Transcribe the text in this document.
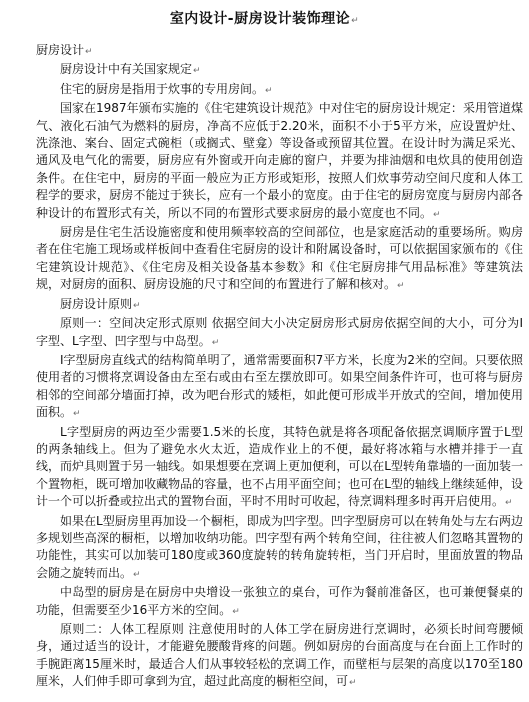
室内设计-厨房设计装饰理论↵

厨房设计↵

厨房设计中有关国家规定↵

住宅的厨房是指用于炊事的专用房间。↵

国家在1987年颁布实施的《住宅建筑设计规范》中对住宅的厨房设计规定：采用管道煤气、液化石油气为燃料的厨房，净高不应低于2.20米，面积不小于5平方米，应设置炉灶、洗涤池、案台、固定式碗柜（或搁式、壁龛）等设备或预留其位置。在设计时为满足采光、通风及电气化的需要，厨房应有外窗或开向走廊的窗户，并要为排油烟和电炊具的使用创造条件。在住宅中，厨房的平面一般应为正方形或矩形，按照人们炊事劳动空间尺度和人体工程学的要求，厨房不能过于狭长，应有一个最小的宽度。由于住宅的厨房宽度与厨房内部各种设计的布置形式有关，所以不同的布置形式要求厨房的最小宽度也不同。↵

厨房是住宅生活设施密度和使用频率较高的空间部位，也是家庭活动的重要场所。购房者在住宅施工现场或样板间中查看住宅厨房的设计和附属设备时，可以依据国家颁布的《住宅建筑设计规范》、《住宅房及相关设备基本参数》和《住宅厨房排气用品标准》等建筑法规，对厨房的面积、厨房设施的尺寸和空间的布置进行了解和核对。↵

厨房设计原则↵

原则一：空间决定形式原则 依据空间大小决定厨房形式厨房依据空间的大小，可分为I字型、L字型、凹字型与中岛型。↵

I字型厨房直线式的结构简单明了，通常需要面积7平方米，长度为2米的空间。只要依照使用者的习惯将烹调设备由左至右或由右至左摆放即可。如果空间条件许可，也可将与厨房相邻的空间部分墙面打掉，改为吧台形式的矮柜，如此便可形成半开放式的空间，增加使用面积。↵

L字型厨房的两边至少需要1.5米的长度，其特色就是将各项配备依据烹调顺序置于L型的两条轴线上。但为了避免水火太近，造成作业上的不便，最好将冰箱与水槽并排于一直线，而炉具则置于另一轴线。如果想要在烹调上更加便利，可以在L型转角靠墙的一面加装一个置物柜，既可增加收藏物品的容量，也不占用平面空间；也可在L型的轴线上继续延伸，设计一个可以折叠或拉出式的置物台面，平时不用时可收起，待烹调料理多时再开启使用。↵

如果在L型厨房里再加设一个橱柜，即成为凹字型。凹字型厨房可以在转角处与左右两边多规划些高深的橱柜，以增加收纳功能。凹字型有两个转角空间，往往被人们忽略其置物的功能性，其实可以加装可180度或360度旋转的转角旋转柜，当门开启时，里面放置的物品会随之旋转而出。↵

中岛型的厨房是在厨房中央增设一张独立的桌台，可作为餐前准备区，也可兼便餐桌的功能，但需要至少16平方米的空间。↵

原则二：人体工程原则 注意使用时的人体工学在厨房进行烹调时，必须长时间弯腰倾身，通过适当的设计，才能避免腰酸背疼的问题。例如厨房的台面高度与在台面上工作时的手腕距离15厘米时，最适合人们从事较轻松的烹调工作，而壁柜与层架的高度以170至180厘米，人们伸手即可拿到为宜，超过此高度的橱柜空间，可↵
